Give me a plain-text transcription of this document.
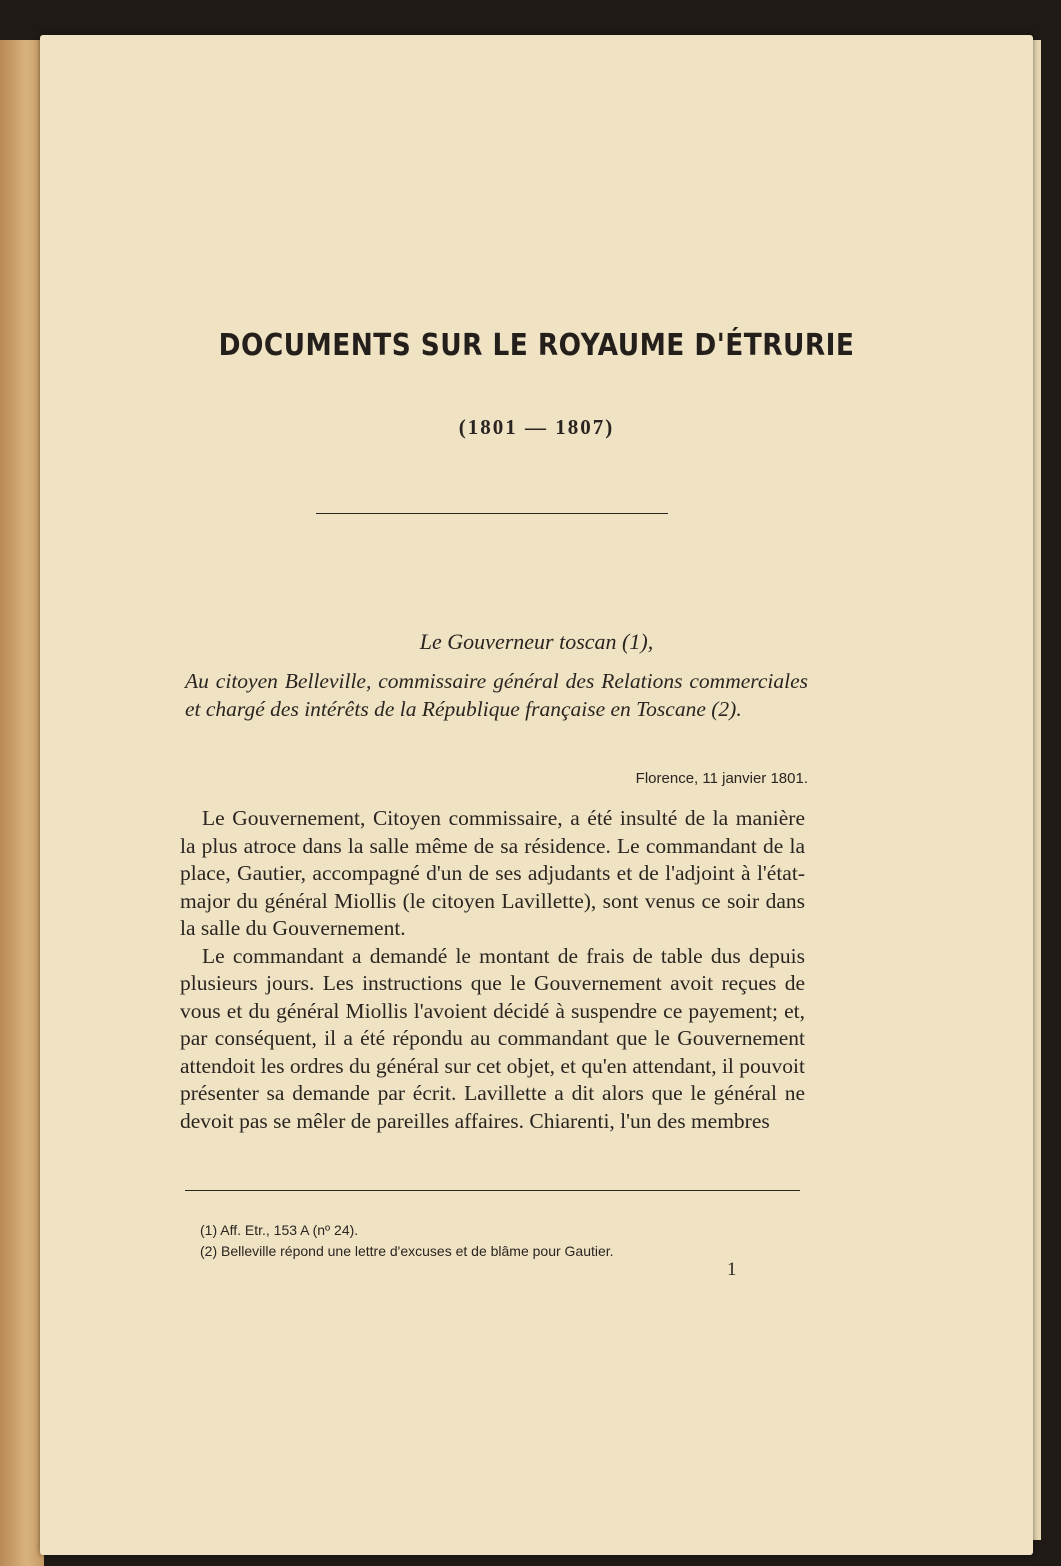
DOCUMENTS SUR LE ROYAUME D'ÉTRURIE
(1801 — 1807)
Le Gouverneur toscan (1),

Au citoyen Belleville, commissaire général des Relations commerciales et chargé des intérêts de la République française en Toscane (2).

Florence, 11 janvier 1801.

Le Gouvernement, Citoyen commissaire, a été insulté de la manière la plus atroce dans la salle même de sa résidence. Le commandant de la place, Gautier, accompagné d'un de ses adjudants et de l'adjoint à l'état-major du général Miollis (le citoyen Lavillette), sont venus ce soir dans la salle du Gouvernement.

Le commandant a demandé le montant de frais de table dus depuis plusieurs jours. Les instructions que le Gouvernement avoit reçues de vous et du général Miollis l'avoient décidé à suspendre ce payement; et, par conséquent, il a été répondu au commandant que le Gouvernement attendoit les ordres du général sur cet objet, et qu'en attendant, il pouvoit présenter sa demande par écrit. Lavillette a dit alors que le général ne devoit pas se mêler de pareilles affaires. Chiarenti, l'un des membres

(1) Aff. Etr., 153 A (nº 24).

(2) Belleville répond une lettre d'excuses et de blâme pour Gautier.

1
